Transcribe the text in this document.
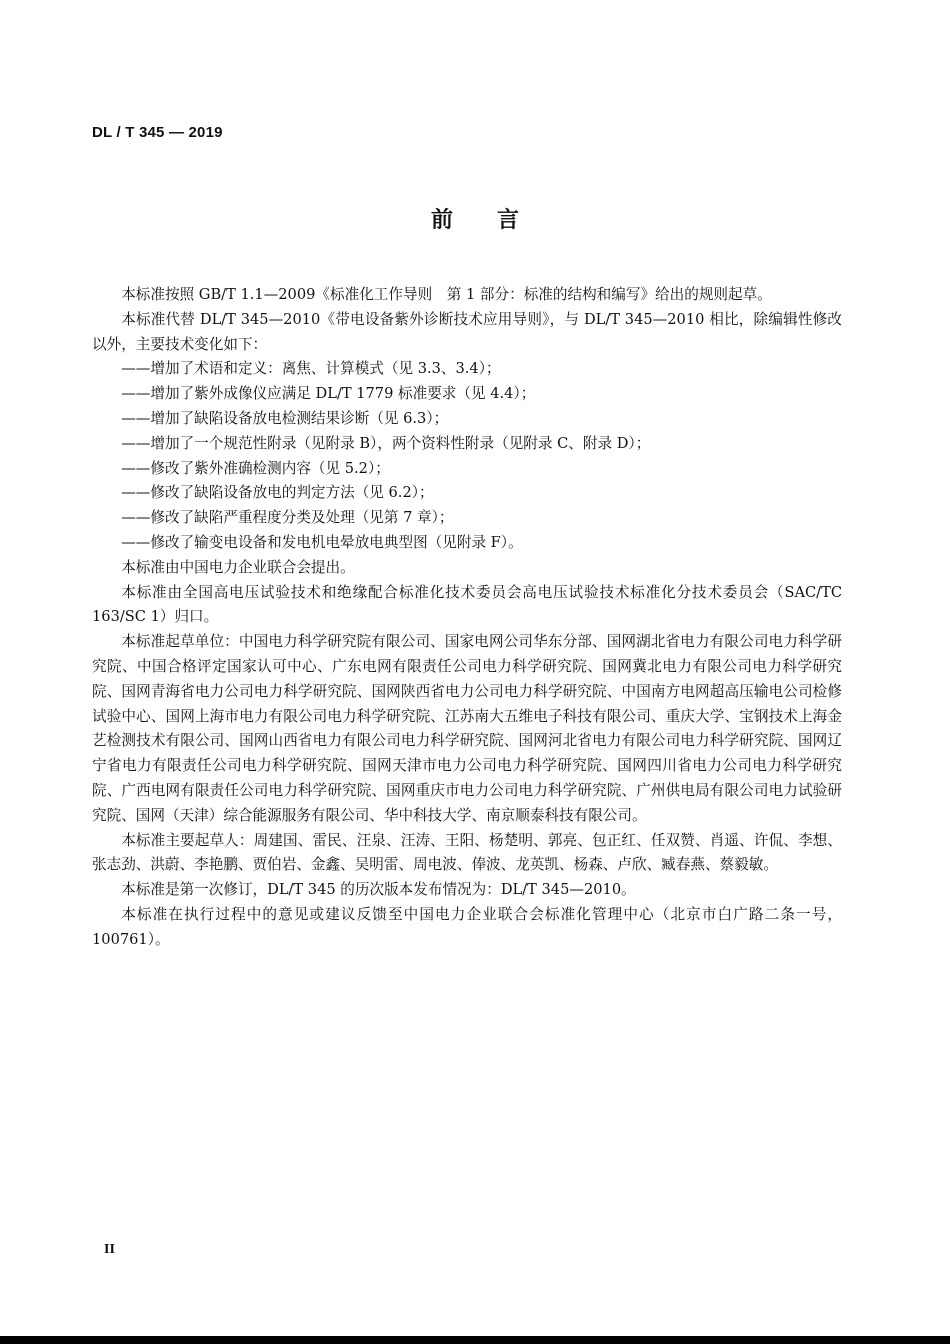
DL / T 345 — 2019
前　　言

本标准按照 GB/T 1.1—2009《标准化工作导则　第 1 部分：标准的结构和编写》给出的规则起草。

本标准代替 DL/T 345—2010《带电设备紫外诊断技术应用导则》，与 DL/T 345—2010 相比，除编辑性修改以外，主要技术变化如下：

——增加了术语和定义：离焦、计算模式（见 3.3、3.4）；

——增加了紫外成像仪应满足 DL/T 1779 标准要求（见 4.4）；

——增加了缺陷设备放电检测结果诊断（见 6.3）；

——增加了一个规范性附录（见附录 B），两个资料性附录（见附录 C、附录 D）；

——修改了紫外准确检测内容（见 5.2）；

——修改了缺陷设备放电的判定方法（见 6.2）；

——修改了缺陷严重程度分类及处理（见第 7 章）；

——修改了输变电设备和发电机电晕放电典型图（见附录 F）。

本标准由中国电力企业联合会提出。

本标准由全国高电压试验技术和绝缘配合标准化技术委员会高电压试验技术标准化分技术委员会（SAC/TC 163/SC 1）归口。

本标准起草单位：中国电力科学研究院有限公司、国家电网公司华东分部、国网湖北省电力有限公司电力科学研究院、中国合格评定国家认可中心、广东电网有限责任公司电力科学研究院、国网冀北电力有限公司电力科学研究院、国网青海省电力公司电力科学研究院、国网陕西省电力公司电力科学研究院、中国南方电网超高压输电公司检修试验中心、国网上海市电力有限公司电力科学研究院、江苏南大五维电子科技有限公司、重庆大学、宝钢技术上海金艺检测技术有限公司、国网山西省电力有限公司电力科学研究院、国网河北省电力有限公司电力科学研究院、国网辽宁省电力有限责任公司电力科学研究院、国网天津市电力公司电力科学研究院、国网四川省电力公司电力科学研究院、广西电网有限责任公司电力科学研究院、国网重庆市电力公司电力科学研究院、广州供电局有限公司电力试验研究院、国网（天津）综合能源服务有限公司、华中科技大学、南京顺泰科技有限公司。

本标准主要起草人：周建国、雷民、汪泉、汪涛、王阳、杨楚明、郭亮、包正红、任双赞、肖遥、许侃、李想、张志劲、洪蔚、李艳鹏、贾伯岩、金鑫、吴明雷、周电波、俸波、龙英凯、杨森、卢欣、臧春燕、蔡毅敏。

本标准是第一次修订，DL/T 345 的历次版本发布情况为：DL/T 345—2010。

本标准在执行过程中的意见或建议反馈至中国电力企业联合会标准化管理中心（北京市白广路二条一号，100761）。

II
